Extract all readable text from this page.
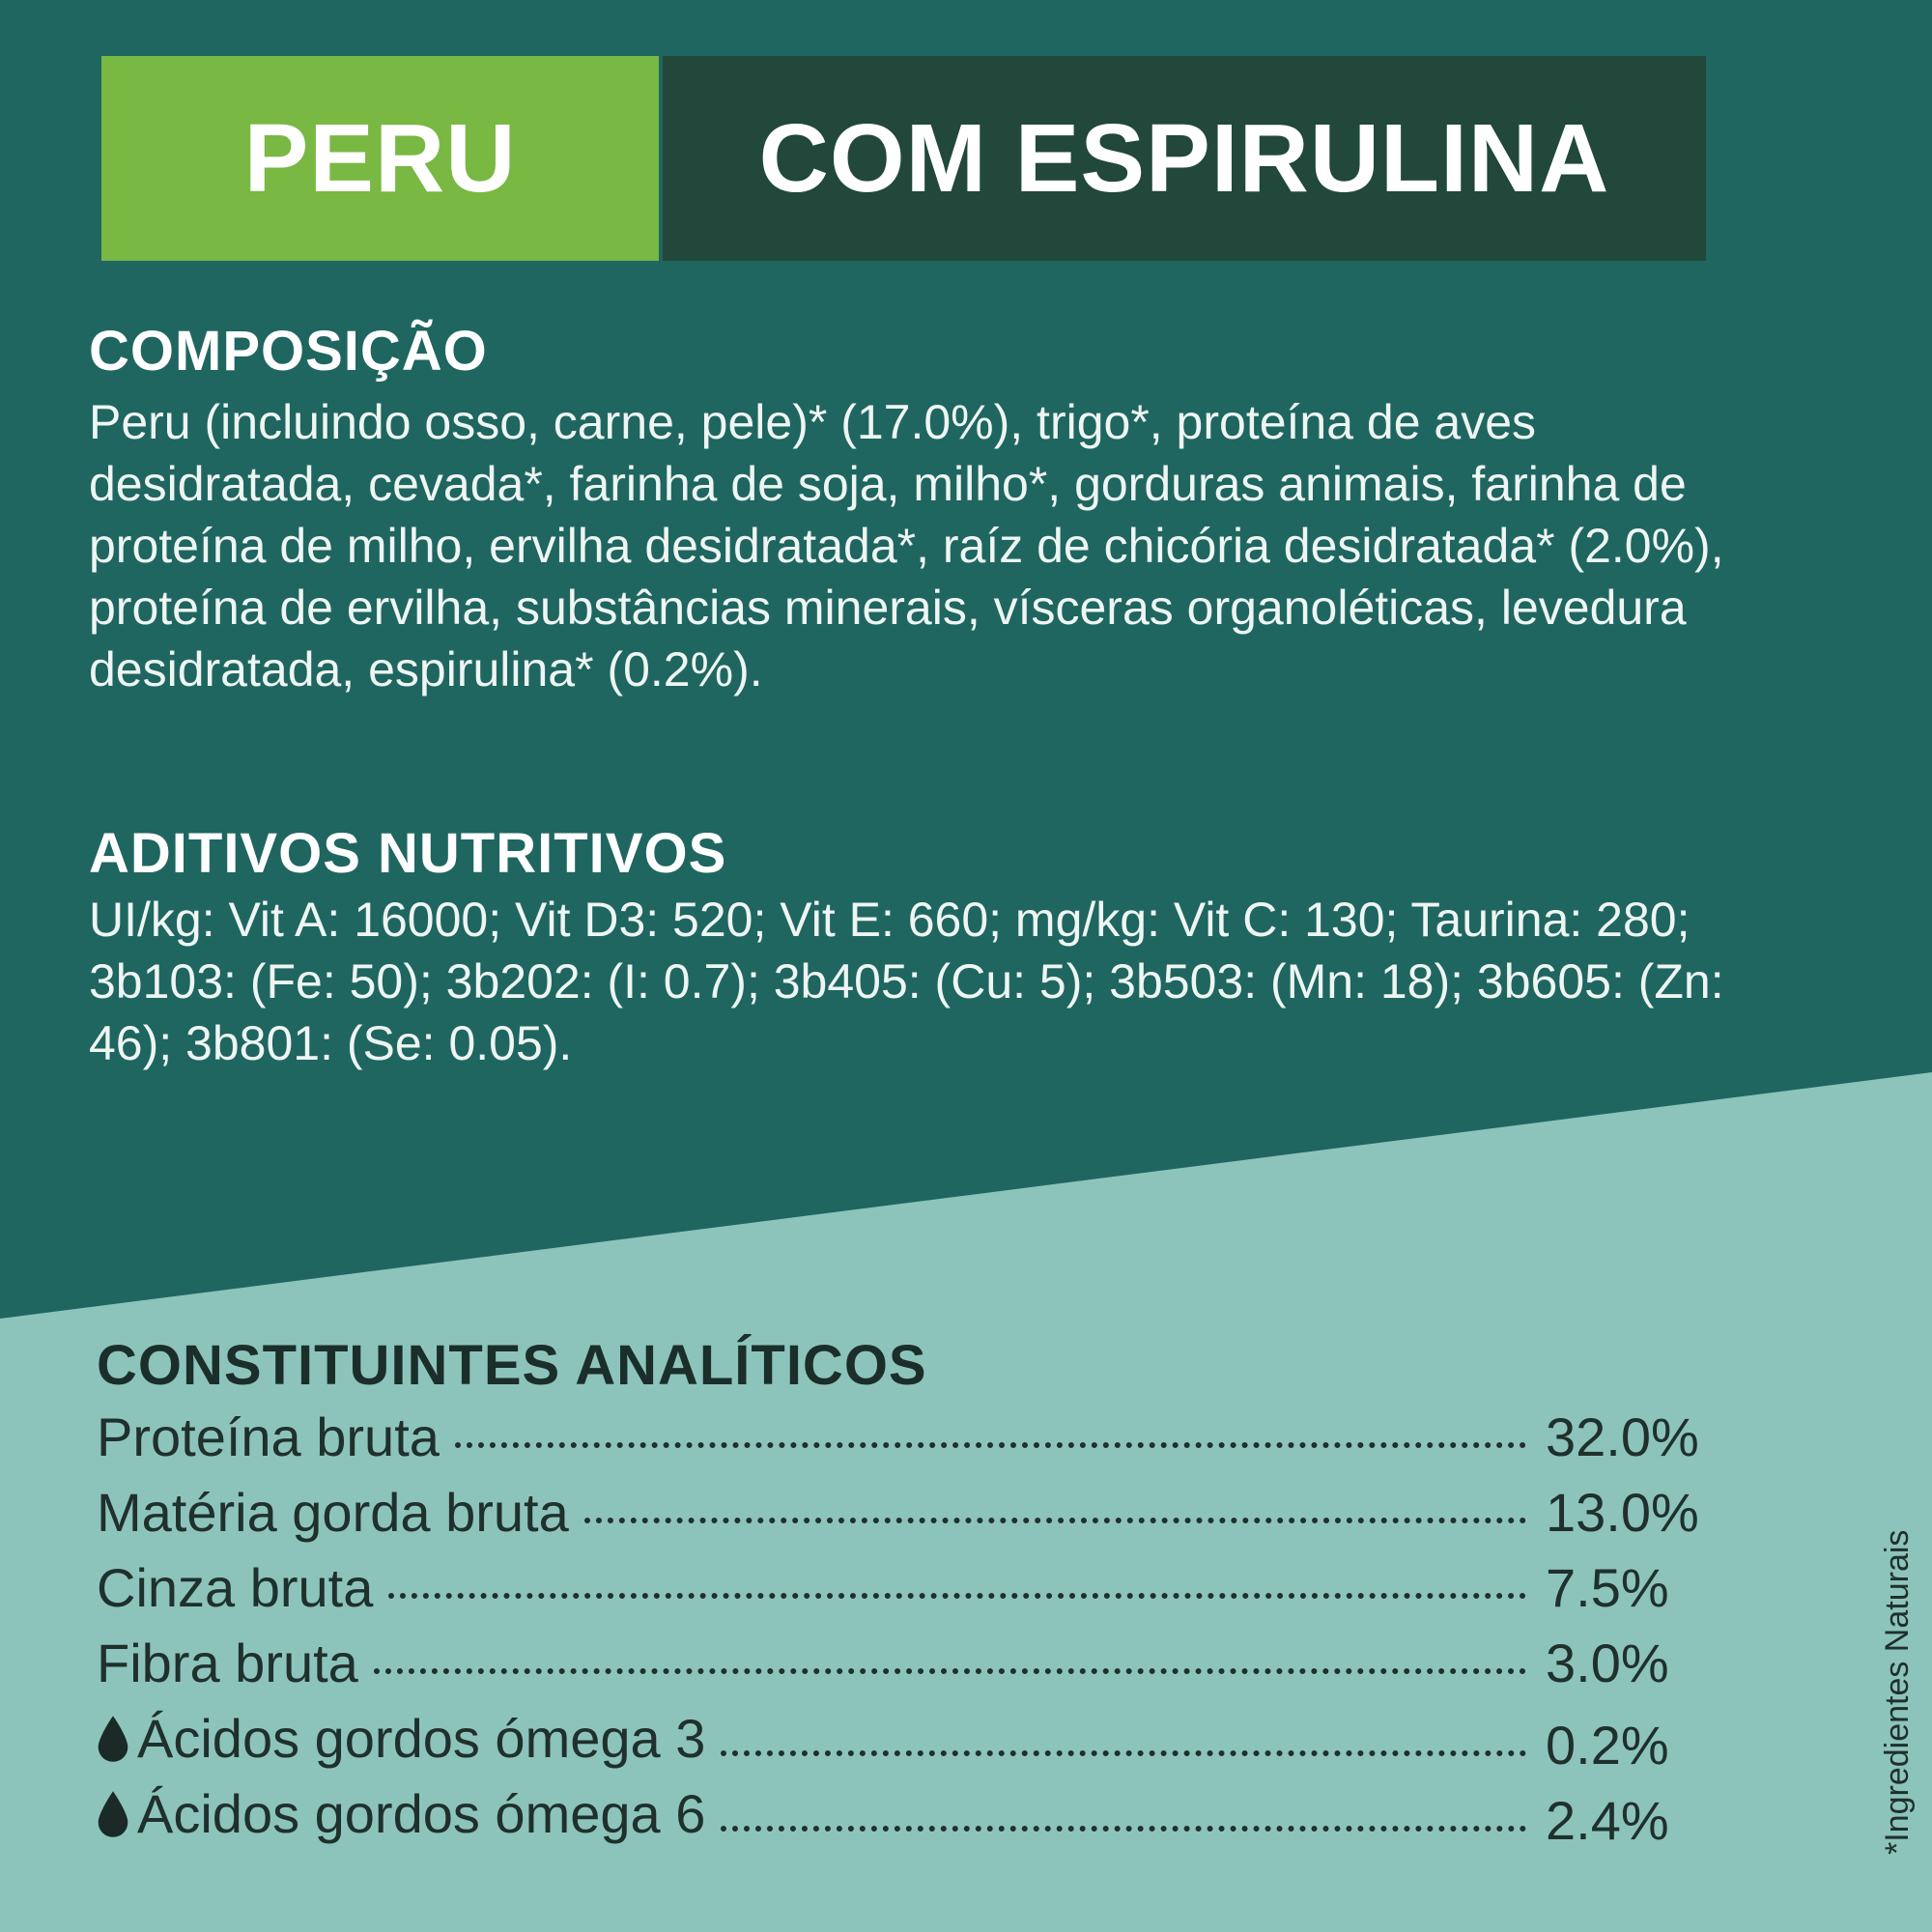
PERU	COM ESPIRULINA
COMPOSIÇÃO

Peru (incluindo osso, carne, pele)* (17.0%), trigo*, proteína de aves desidratada, cevada*, farinha de soja, milho*, gorduras animais, farinha de proteína de milho, ervilha desidratada*, raíz de chicória desidratada* (2.0%), proteína de ervilha, substâncias minerais, vísceras organoléticas, levedura desidratada, espirulina* (0.2%).

ADITIVOS NUTRITIVOS

UI/kg: Vit A: 16000; Vit D3: 520; Vit E: 660; mg/kg: Vit C: 130; Taurina: 280; 3b103: (Fe: 50); 3b202: (I: 0.7); 3b405: (Cu: 5); 3b503: (Mn: 18); 3b605: (Zn: 46); 3b801: (Se: 0.05).

CONSTITUINTES ANALÍTICOS
Proteína bruta	32.0%
Matéria gorda bruta	13.0%
Cinza bruta	7.5%
Fibra bruta	3.0%
Ácidos gordos ómega 3	0.2%
Ácidos gordos ómega 6	2.4%	*Ingredientes Naturais
